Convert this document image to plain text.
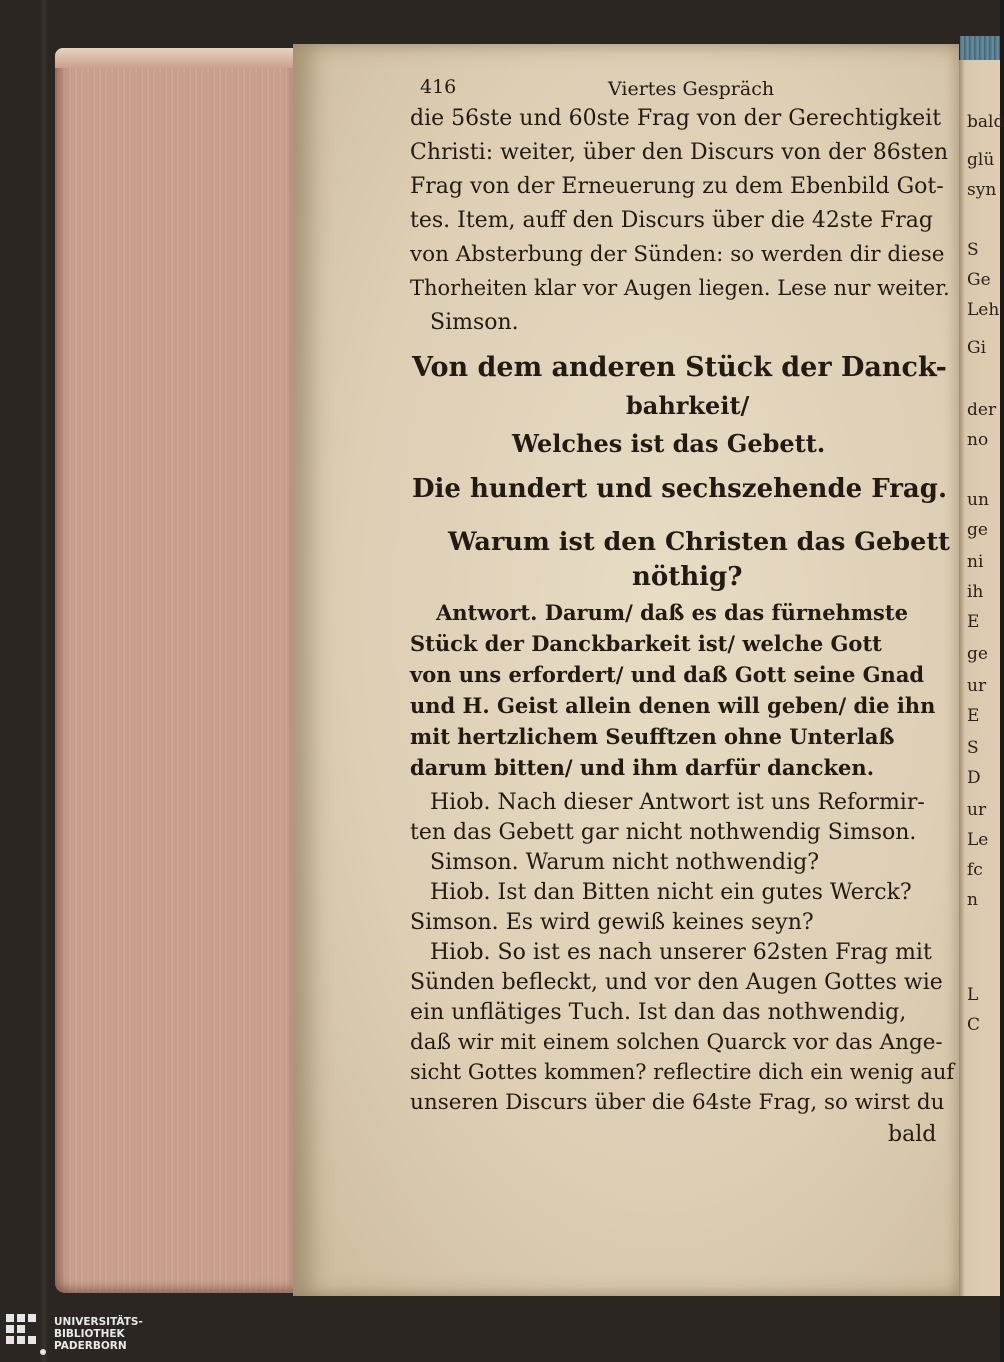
bald
glü
syn
S
Ge
Leh
Gi
der
no
un
ge
ni
ih
E
ge
ur
E
S
D
ur
Le
fc
n
L
C
416	Viertes Gespräch
die 56ste und 60ste Frag von der Gerechtigkeit
Christi: weiter, über den Discurs von der 86sten
Frag von der Erneuerung zu dem Ebenbild Got-
tes. Item, auff den Discurs über die 42ste Frag
von Absterbung der Sünden: so werden dir diese
Thorheiten klar vor Augen liegen. Lese nur weiter.
Simson.
Von dem anderen Stück der Danck-
bahrkeit/
Welches ist das Gebett.
Die hundert und sechszehende Frag.
Warum ist den Christen das Gebett
nöthig?
Antwort. Darum/ daß es das fürnehmste
Stück der Danckbarkeit ist/ welche Gott
von uns erfordert/ und daß Gott seine Gnad
und H. Geist allein denen will geben/ die ihn
mit hertzlichem Seufftzen ohne Unterlaß
darum bitten/ und ihm darfür dancken.
Hiob. Nach dieser Antwort ist uns Reformir-
ten das Gebett gar nicht nothwendig Simson.
Simson. Warum nicht nothwendig?
Hiob. Ist dan Bitten nicht ein gutes Werck?
Simson. Es wird gewiß keines seyn?
Hiob. So ist es nach unserer 62sten Frag mit
Sünden befleckt, und vor den Augen Gottes wie
ein unflätiges Tuch. Ist dan das nothwendig,
daß wir mit einem solchen Quarck vor das Ange-
sicht Gottes kommen? reflectire dich ein wenig auf
unseren Discurs über die 64ste Frag, so wirst du
bald
UNIVERSITÄTS-
BIBLIOTHEK
PADERBORN
